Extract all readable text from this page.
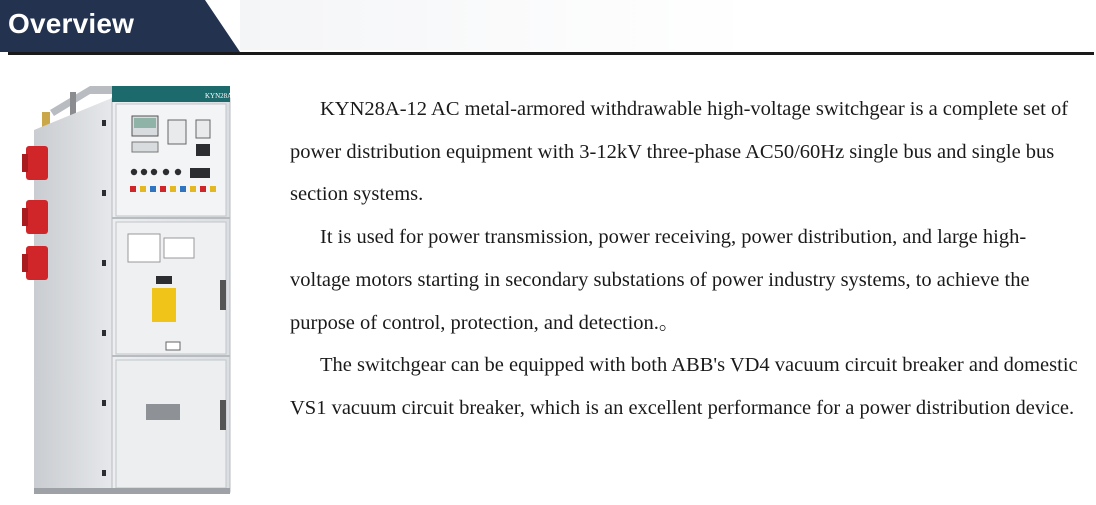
Overview
KYN28A-12

KYN28A-12 AC metal-armored withdrawable high-voltage switchgear is a complete set of power distribution equipment with 3-12kV three-phase AC50/60Hz single bus and single bus section systems.

It is used for power transmission, power receiving, power distribution, and large high-voltage motors starting in secondary substations of power industry systems, to achieve the purpose of control, protection, and detection.。

The switchgear can be equipped with both ABB's VD4 vacuum circuit breaker and domestic VS1 vacuum circuit breaker, which is an excellent performance for a power distribution device.
